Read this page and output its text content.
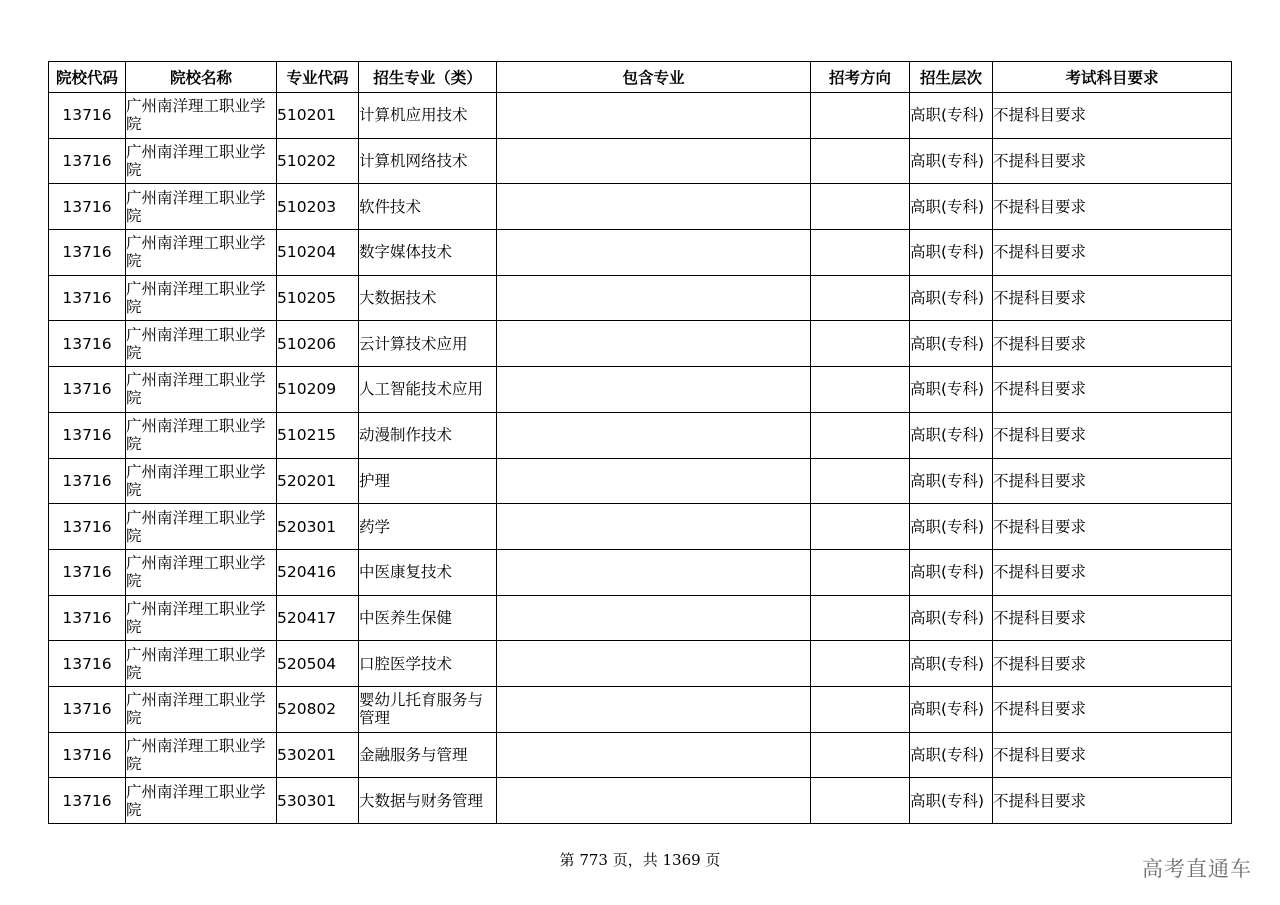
院校代码	院校名称	专业代码	招生专业（类）	包含专业	招考方向	招生层次	考试科目要求

13716	广州南洋理工职业学院	510201	计算机应用技术			高职(专科)	不提科目要求

13716	广州南洋理工职业学院	510202	计算机网络技术			高职(专科)	不提科目要求

13716	广州南洋理工职业学院	510203	软件技术			高职(专科)	不提科目要求

13716	广州南洋理工职业学院	510204	数字媒体技术			高职(专科)	不提科目要求

13716	广州南洋理工职业学院	510205	大数据技术			高职(专科)	不提科目要求

13716	广州南洋理工职业学院	510206	云计算技术应用			高职(专科)	不提科目要求

13716	广州南洋理工职业学院	510209	人工智能技术应用			高职(专科)	不提科目要求

13716	广州南洋理工职业学院	510215	动漫制作技术			高职(专科)	不提科目要求

13716	广州南洋理工职业学院	520201	护理			高职(专科)	不提科目要求

13716	广州南洋理工职业学院	520301	药学			高职(专科)	不提科目要求

13716	广州南洋理工职业学院	520416	中医康复技术			高职(专科)	不提科目要求

13716	广州南洋理工职业学院	520417	中医养生保健			高职(专科)	不提科目要求

13716	广州南洋理工职业学院	520504	口腔医学技术			高职(专科)	不提科目要求

13716	广州南洋理工职业学院	520802	婴幼儿托育服务与管理			高职(专科)	不提科目要求

13716	广州南洋理工职业学院	530201	金融服务与管理			高职(专科)	不提科目要求

13716	广州南洋理工职业学院	530301	大数据与财务管理			高职(专科)	不提科目要求
第 773 页，共 1369 页	高考直通车
